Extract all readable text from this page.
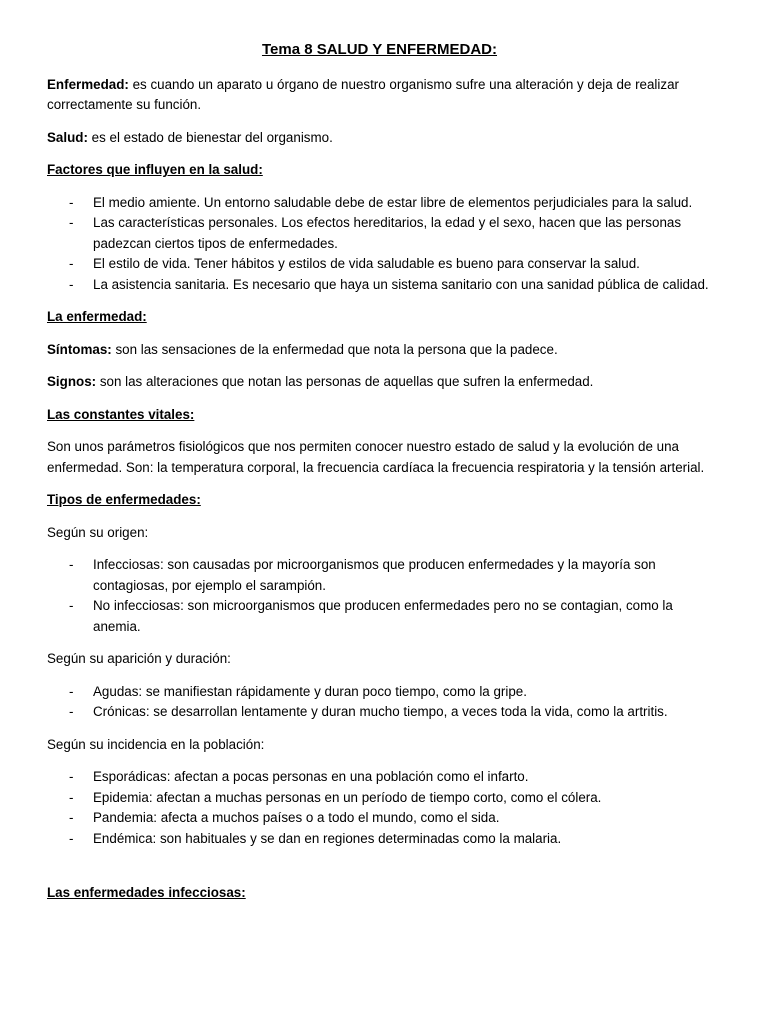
Tema 8 SALUD Y ENFERMEDAD:

Enfermedad: es cuando un aparato u órgano de nuestro organismo sufre una alteración y deja de realizar correctamente su función.

Salud: es el estado de bienestar del organismo.

Factores que influyen en la salud:

- El medio amiente. Un entorno saludable debe de estar libre de elementos perjudiciales para la salud.
- Las características personales. Los efectos hereditarios, la edad y el sexo, hacen que las personas padezcan ciertos tipos de enfermedades.
- El estilo de vida. Tener hábitos y estilos de vida saludable es bueno para conservar la salud.
- La asistencia sanitaria. Es necesario que haya un sistema sanitario con una sanidad pública de calidad.

La enfermedad:

Síntomas: son las sensaciones de la enfermedad que nota la persona que la padece.

Signos: son las alteraciones que notan las personas de aquellas que sufren la enfermedad.

Las constantes vitales:

Son unos parámetros fisiológicos que nos permiten conocer nuestro estado de salud y la evolución de una enfermedad. Son: la temperatura corporal, la frecuencia cardíaca la frecuencia respiratoria y la tensión arterial.

Tipos de enfermedades:

Según su origen:

- Infecciosas: son causadas por microorganismos que producen enfermedades y la mayoría son contagiosas, por ejemplo el sarampión.
- No infecciosas: son microorganismos que producen enfermedades pero no se contagian, como la anemia.

Según su aparición y duración:

- Agudas: se manifiestan rápidamente y duran poco tiempo, como la gripe.
- Crónicas: se desarrollan lentamente y duran mucho tiempo, a veces toda la vida, como la artritis.

Según su incidencia en la población:

- Esporádicas: afectan a pocas personas en una población como el infarto.
- Epidemia: afectan a muchas personas en un período de tiempo corto, como el cólera.
- Pandemia: afecta a muchos países o a todo el mundo, como el sida.
- Endémica: son habituales y se dan en regiones determinadas como la malaria.

Las enfermedades infecciosas:
